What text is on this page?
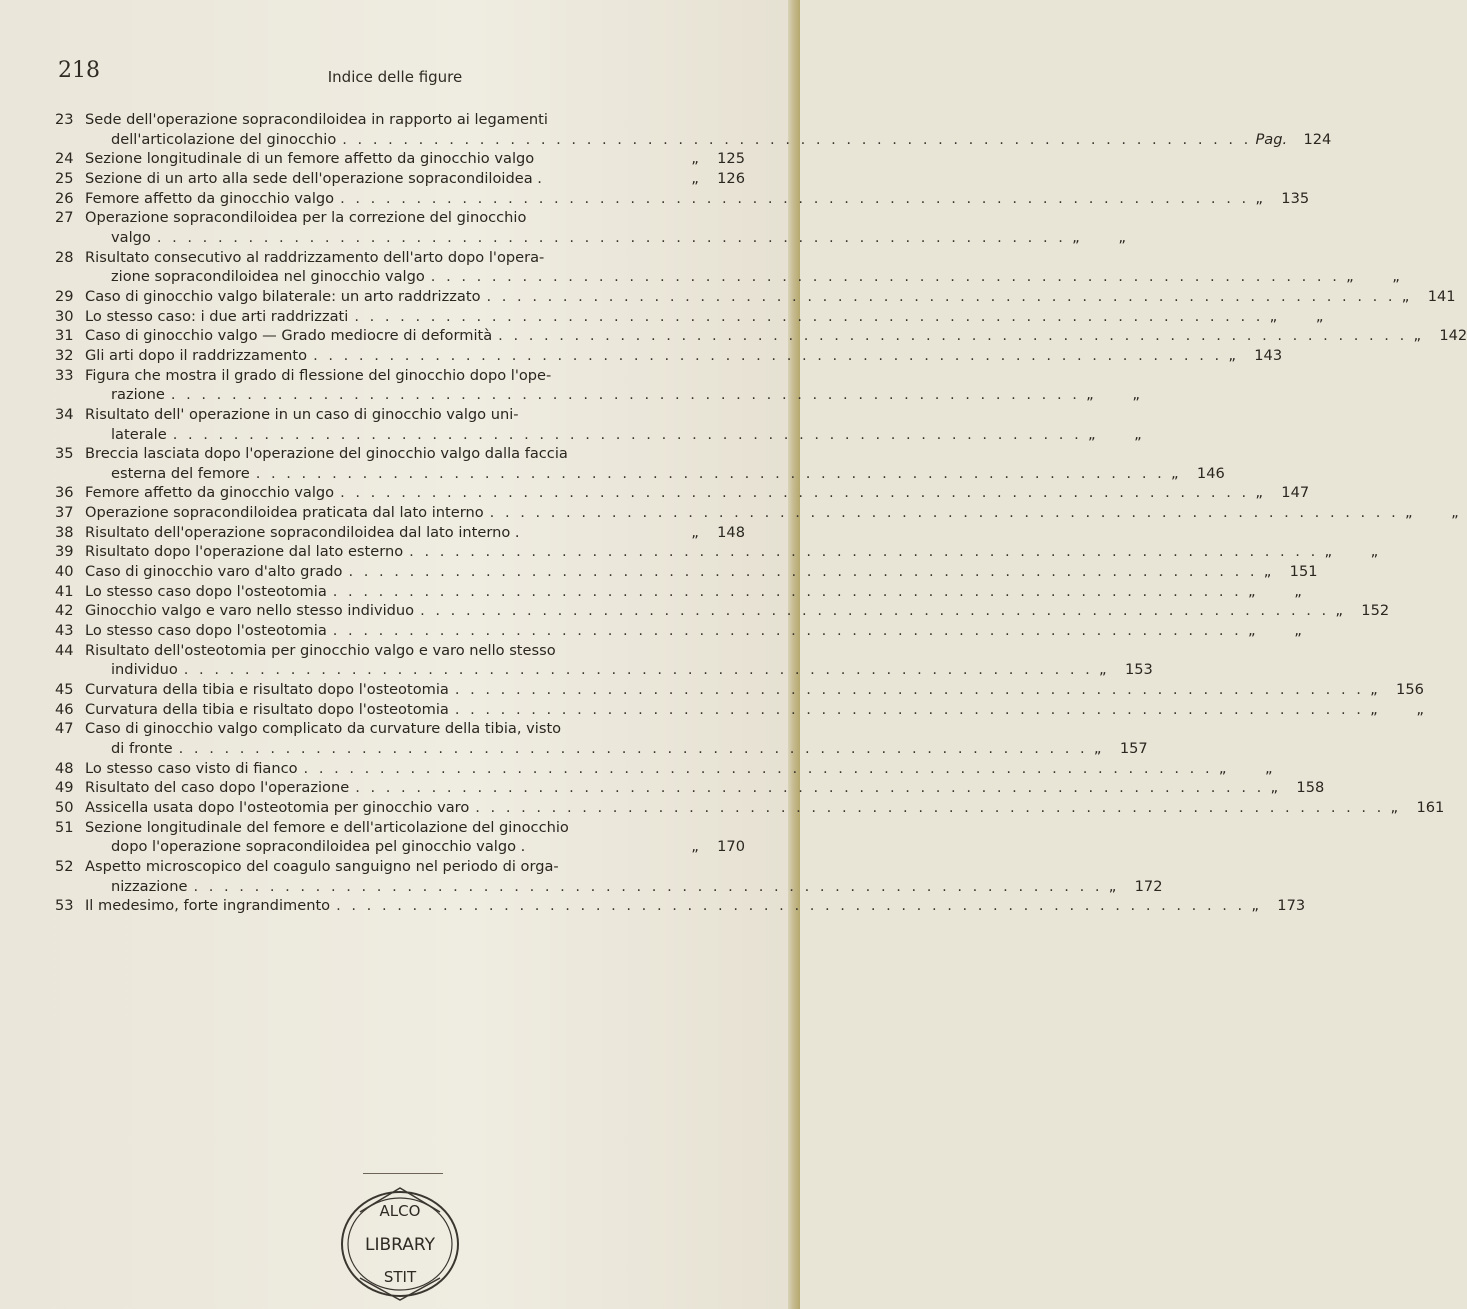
218	Indice delle figure
23 Sede dell'operazione sopracondiloidea in rapporto ai legamenti
dell'articolazione del ginocchio . . . . . . . . . . . . . . . . . . . . . . . . . . . . . . . . . . . . . . . . . . . . . . . . . . . . . . . . . . . . Pag.	124
24 Sezione longitudinale di un femore affetto da ginocchio valgo	„	125
25 Sezione di un arto alla sede dell'operazione sopracondiloidea .	„	126
26 Femore affetto da ginocchio valgo . . . . . . . . . . . . . . . . . . . . . . . . . . . . . . . . . . . . . . . . . . . . . . . . . . . . . . . . . . . . „	135
27 Operazione sopracondiloidea per la correzione del ginocchio
valgo . . . . . . . . . . . . . . . . . . . . . . . . . . . . . . . . . . . . . . . . . . . . . . . . . . . . . . . . . . . . „	„
28 Risultato consecutivo al raddrizzamento dell'arto dopo l'opera-
zione sopracondiloidea nel ginocchio valgo . . . . . . . . . . . . . . . . . . . . . . . . . . . . . . . . . . . . . . . . . . . . . . . . . . . . . . . . . . . . „	„
29 Caso di ginocchio valgo bilaterale: un arto raddrizzato . . . . . . . . . . . . . . . . . . . . . . . . . . . . . . . . . . . . . . . . . . . . . . . . . . . . . . . . . . . . „	141
30 Lo stesso caso: i due arti raddrizzati . . . . . . . . . . . . . . . . . . . . . . . . . . . . . . . . . . . . . . . . . . . . . . . . . . . . . . . . . . . . „	„
31 Caso di ginocchio valgo — Grado mediocre di deformità . . . . . . . . . . . . . . . . . . . . . . . . . . . . . . . . . . . . . . . . . . . . . . . . . . . . . . . . . . . . „	142
32 Gli arti dopo il raddrizzamento . . . . . . . . . . . . . . . . . . . . . . . . . . . . . . . . . . . . . . . . . . . . . . . . . . . . . . . . . . . . „	143
33 Figura che mostra il grado di flessione del ginocchio dopo l'ope-
razione . . . . . . . . . . . . . . . . . . . . . . . . . . . . . . . . . . . . . . . . . . . . . . . . . . . . . . . . . . . . „	„
34 Risultato dell' operazione in un caso di ginocchio valgo uni-
laterale . . . . . . . . . . . . . . . . . . . . . . . . . . . . . . . . . . . . . . . . . . . . . . . . . . . . . . . . . . . . „	„
35 Breccia lasciata dopo l'operazione del ginocchio valgo dalla faccia
esterna del femore . . . . . . . . . . . . . . . . . . . . . . . . . . . . . . . . . . . . . . . . . . . . . . . . . . . . . . . . . . . . „	146
36 Femore affetto da ginocchio valgo . . . . . . . . . . . . . . . . . . . . . . . . . . . . . . . . . . . . . . . . . . . . . . . . . . . . . . . . . . . . „	147
37 Operazione sopracondiloidea praticata dal lato interno . . . . . . . . . . . . . . . . . . . . . . . . . . . . . . . . . . . . . . . . . . . . . . . . . . . . . . . . . . . . „	„
38 Risultato dell'operazione sopracondiloidea dal lato interno .	„	148
39 Risultato dopo l'operazione dal lato esterno . . . . . . . . . . . . . . . . . . . . . . . . . . . . . . . . . . . . . . . . . . . . . . . . . . . . . . . . . . . . „	„
40 Caso di ginocchio varo d'alto grado . . . . . . . . . . . . . . . . . . . . . . . . . . . . . . . . . . . . . . . . . . . . . . . . . . . . . . . . . . . . „	151
41 Lo stesso caso dopo l'osteotomia . . . . . . . . . . . . . . . . . . . . . . . . . . . . . . . . . . . . . . . . . . . . . . . . . . . . . . . . . . . . „	„
42 Ginocchio valgo e varo nello stesso individuo . . . . . . . . . . . . . . . . . . . . . . . . . . . . . . . . . . . . . . . . . . . . . . . . . . . . . . . . . . . . „	152
43 Lo stesso caso dopo l'osteotomia . . . . . . . . . . . . . . . . . . . . . . . . . . . . . . . . . . . . . . . . . . . . . . . . . . . . . . . . . . . . „	„
44 Risultato dell'osteotomia per ginocchio valgo e varo nello stesso
individuo . . . . . . . . . . . . . . . . . . . . . . . . . . . . . . . . . . . . . . . . . . . . . . . . . . . . . . . . . . . . „	153
45 Curvatura della tibia e risultato dopo l'osteotomia . . . . . . . . . . . . . . . . . . . . . . . . . . . . . . . . . . . . . . . . . . . . . . . . . . . . . . . . . . . . „	156
46 Curvatura della tibia e risultato dopo l'osteotomia . . . . . . . . . . . . . . . . . . . . . . . . . . . . . . . . . . . . . . . . . . . . . . . . . . . . . . . . . . . . „	„
47 Caso di ginocchio valgo complicato da curvature della tibia, visto
di fronte . . . . . . . . . . . . . . . . . . . . . . . . . . . . . . . . . . . . . . . . . . . . . . . . . . . . . . . . . . . . „	157
48 Lo stesso caso visto di fianco . . . . . . . . . . . . . . . . . . . . . . . . . . . . . . . . . . . . . . . . . . . . . . . . . . . . . . . . . . . . „	„
49 Risultato del caso dopo l'operazione . . . . . . . . . . . . . . . . . . . . . . . . . . . . . . . . . . . . . . . . . . . . . . . . . . . . . . . . . . . . „	158
50 Assicella usata dopo l'osteotomia per ginocchio varo . . . . . . . . . . . . . . . . . . . . . . . . . . . . . . . . . . . . . . . . . . . . . . . . . . . . . . . . . . . . „	161
51 Sezione longitudinale del femore e dell'articolazione del ginocchio
dopo l'operazione sopracondiloidea pel ginocchio valgo .	„	170
52 Aspetto microscopico del coagulo sanguigno nel periodo di orga-
nizzazione . . . . . . . . . . . . . . . . . . . . . . . . . . . . . . . . . . . . . . . . . . . . . . . . . . . . . . . . . . . . „	172
53 Il medesimo, forte ingrandimento . . . . . . . . . . . . . . . . . . . . . . . . . . . . . . . . . . . . . . . . . . . . . . . . . . . . . . . . . . . . „	173
ALCO
LIBRARY
STIT
